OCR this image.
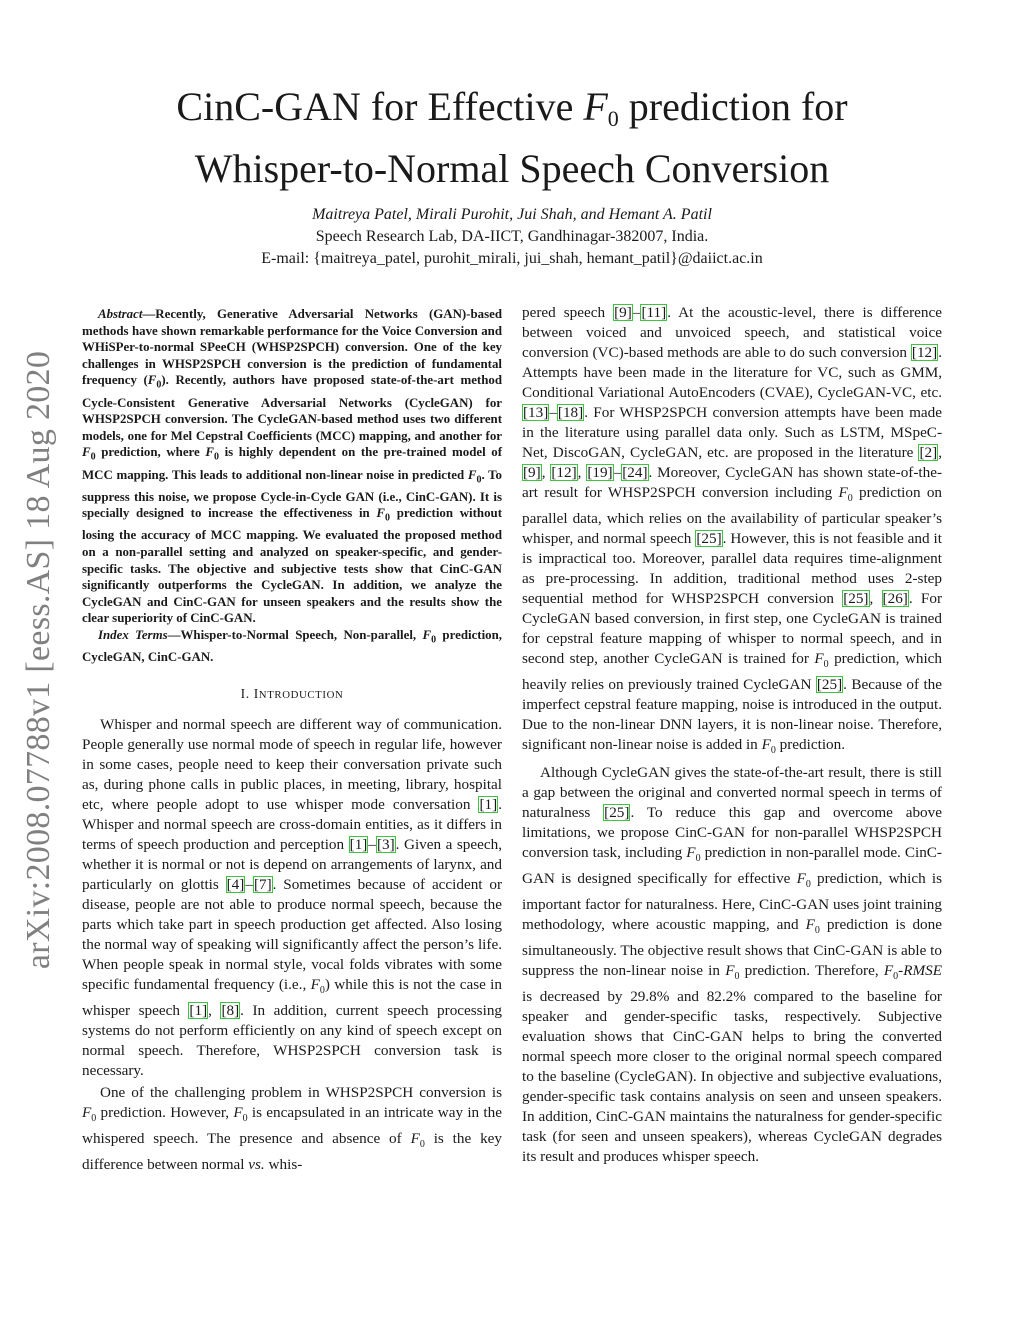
arXiv:2008.07788v1 [eess.AS] 18 Aug 2020
CinC-GAN for Effective $F_0$ prediction for
Whisper-to-Normal Speech Conversion
Maitreya Patel, Mirali Purohit, Jui Shah, and Hemant A. Patil
Speech Research Lab, DA-IICT, Gandhinagar-382007, India.
E-mail: {maitreya_patel, purohit_mirali, jui_shah, hemant_patil}@daiict.ac.in

Abstract—Recently, Generative Adversarial Networks (GAN)-based methods have shown remarkable performance for the Voice Conversion and WHiSPer-to-normal SPeeCH (WHSP2SPCH) conversion. One of the key challenges in WHSP2SPCH conversion is the prediction of fundamental frequency $(F_0)$. Recently, authors have proposed state-of-the-art method Cycle-Consistent Generative Adversarial Networks (CycleGAN) for WHSP2SPCH conversion. The CycleGAN-based method uses two different models, one for Mel Cepstral Coefficients (MCC) mapping, and another for $F_0$ prediction, where $F_0$ is highly dependent on the pre-trained model of MCC mapping. This leads to additional non-linear noise in predicted $F_0$. To suppress this noise, we propose Cycle-in-Cycle GAN (i.e., CinC-GAN). It is specially designed to increase the effectiveness in $F_0$ prediction without losing the accuracy of MCC mapping. We evaluated the proposed method on a non-parallel setting and analyzed on speaker-specific, and gender-specific tasks. The objective and subjective tests show that CinC-GAN significantly outperforms the CycleGAN. In addition, we analyze the CycleGAN and CinC-GAN for unseen speakers and the results show the clear superiority of CinC-GAN.

Index Terms—Whisper-to-Normal Speech, Non-parallel, $F_0$ prediction, CycleGAN, CinC-GAN.

I. INTRODUCTION

Whisper and normal speech are different way of communication. People generally use normal mode of speech in regular life, however in some cases, people need to keep their conversation private such as, during phone calls in public places, in meeting, library, hospital etc, where people adopt to use whisper mode conversation [1]. Whisper and normal speech are cross-domain entities, as it differs in terms of speech production and perception [1]–[3]. Given a speech, whether it is normal or not is depend on arrangements of larynx, and particularly on glottis [4]–[7]. Sometimes because of accident or disease, people are not able to produce normal speech, because the parts which take part in speech production get affected. Also losing the normal way of speaking will significantly affect the person’s life. When people speak in normal style, vocal folds vibrates with some specific fundamental frequency (i.e., $F_0$) while this is not the case in whisper speech [1], [8]. In addition, current speech processing systems do not perform efficiently on any kind of speech except on normal speech. Therefore, WHSP2SPCH conversion task is necessary.

One of the challenging problem in WHSP2SPCH conversion is $F_0$ prediction. However, $F_0$ is encapsulated in an intricate way in the whispered speech. The presence and absence of $F_0$ is the key difference between normal vs. whis-

pered speech [9]–[11]. At the acoustic-level, there is difference between voiced and unvoiced speech, and statistical voice conversion (VC)-based methods are able to do such conversion [12]. Attempts have been made in the literature for VC, such as GMM, Conditional Variational AutoEncoders (CVAE), CycleGAN-VC, etc. [13]–[18]. For WHSP2SPCH conversion attempts have been made in the literature using parallel data only. Such as LSTM, MSpeC-Net, DiscoGAN, CycleGAN, etc. are proposed in the literature [2], [9], [12], [19]–[24]. Moreover, CycleGAN has shown state-of-the-art result for WHSP2SPCH conversion including $F_0$ prediction on parallel data, which relies on the availability of particular speaker’s whisper, and normal speech [25]. However, this is not feasible and it is impractical too. Moreover, parallel data requires time-alignment as pre-processing. In addition, traditional method uses 2-step sequential method for WHSP2SPCH conversion [25], [26]. For CycleGAN based conversion, in first step, one CycleGAN is trained for cepstral feature mapping of whisper to normal speech, and in second step, another CycleGAN is trained for $F_0$ prediction, which heavily relies on previously trained CycleGAN [25]. Because of the imperfect cepstral feature mapping, noise is introduced in the output. Due to the non-linear DNN layers, it is non-linear noise. Therefore, significant non-linear noise is added in $F_0$ prediction.

Although CycleGAN gives the state-of-the-art result, there is still a gap between the original and converted normal speech in terms of naturalness [25]. To reduce this gap and overcome above limitations, we propose CinC-GAN for non-parallel WHSP2SPCH conversion task, including $F_0$ prediction in non-parallel mode. CinC-GAN is designed specifically for effective $F_0$ prediction, which is important factor for naturalness. Here, CinC-GAN uses joint training methodology, where acoustic mapping, and $F_0$ prediction is done simultaneously. The objective result shows that CinC-GAN is able to suppress the non-linear noise in $F_0$ prediction. Therefore, $F_0$-RMSE is decreased by 29.8% and 82.2% compared to the baseline for speaker and gender-specific tasks, respectively. Subjective evaluation shows that CinC-GAN helps to bring the converted normal speech more closer to the original normal speech compared to the baseline (CycleGAN). In objective and subjective evaluations, gender-specific task contains analysis on seen and unseen speakers. In addition, CinC-GAN maintains the naturalness for gender-specific task (for seen and unseen speakers), whereas CycleGAN degrades its result and produces whisper speech.
